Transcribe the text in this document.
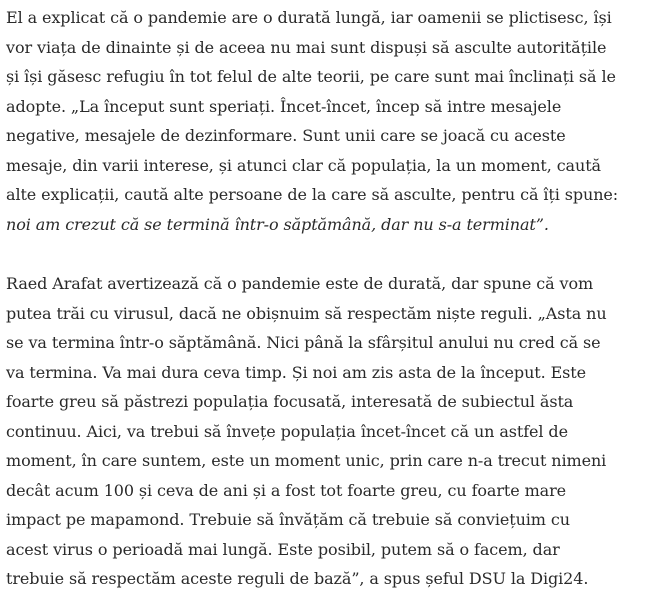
El a explicat că o pandemie are o durată lungă, iar oamenii se plictisesc, își
vor viața de dinainte și de aceea nu mai sunt dispuși să asculte autoritățile
și își găsesc refugiu în tot felul de alte teorii, pe care sunt mai înclinați să le
adopte. „La început sunt speriați. Încet-încet, încep să intre mesajele
negative, mesajele de dezinformare. Sunt unii care se joacă cu aceste
mesaje, din varii interese, și atunci clar că populația, la un moment, caută
alte explicații, caută alte persoane de la care să asculte, pentru că îți spune:
noi am crezut că se termină într-o săptămână, dar nu s-a terminat”.

Raed Arafat avertizează că o pandemie este de durată, dar spune că vom
putea trăi cu virusul, dacă ne obișnuim să respectăm niște reguli. „Asta nu
se va termina într-o săptămână. Nici până la sfârșitul anului nu cred că se
va termina. Va mai dura ceva timp. Și noi am zis asta de la început. Este
foarte greu să păstrezi populația focusată, interesată de subiectul ăsta
continuu. Aici, va trebui să învețe populația încet-încet că un astfel de
moment, în care suntem, este un moment unic, prin care n-a trecut nimeni
decât acum 100 și ceva de ani și a fost tot foarte greu, cu foarte mare
impact pe mapamond. Trebuie să învățăm că trebuie să conviețuim cu
acest virus o perioadă mai lungă. Este posibil, putem să o facem, dar
trebuie să respectăm aceste reguli de bază”, a spus șeful DSU la Digi24.
